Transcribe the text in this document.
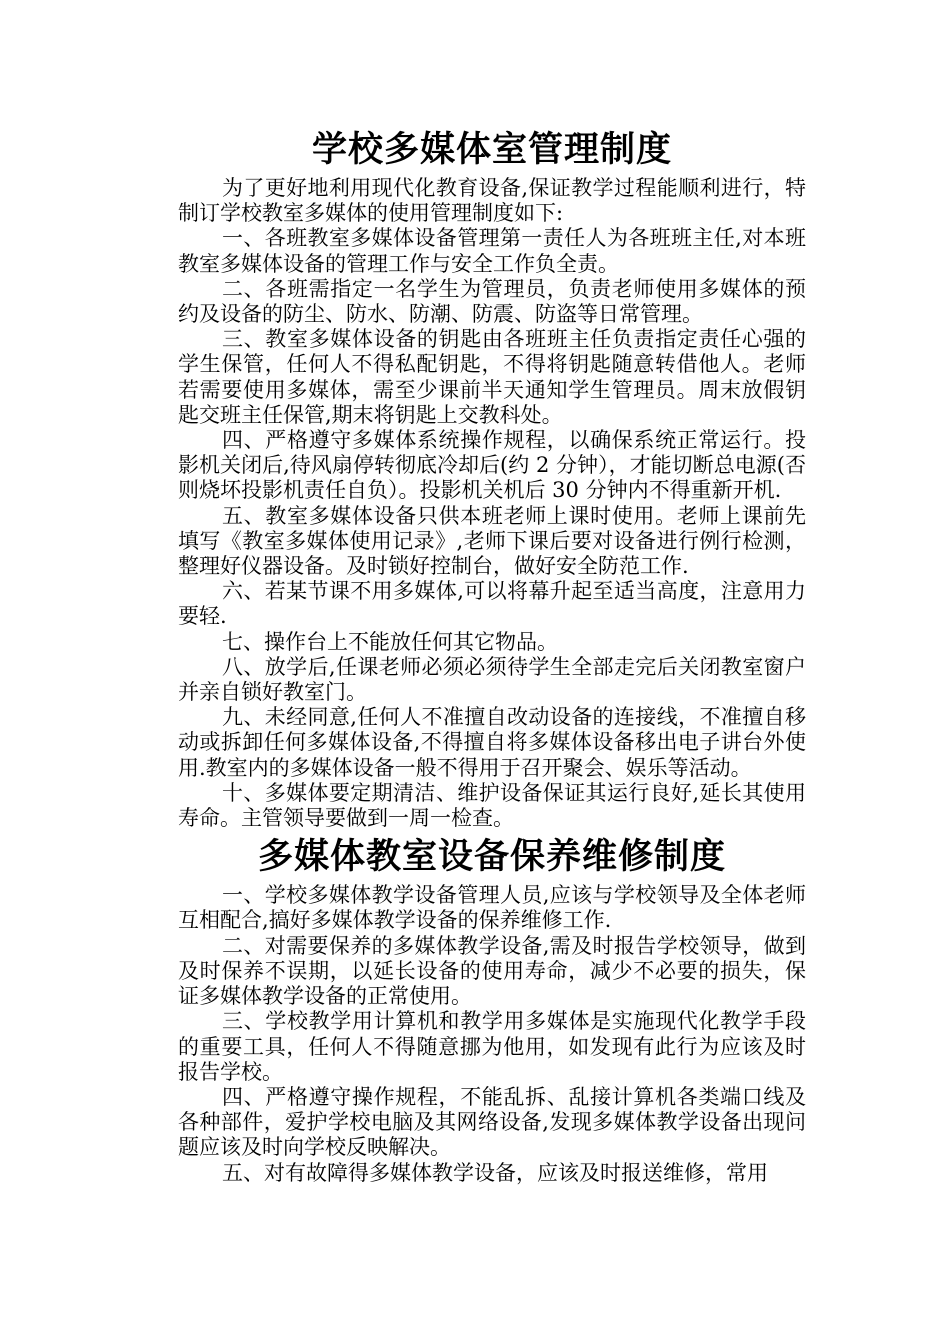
学校多媒体室管理制度

为了更好地利用现代化教育设备,保证教学过程能顺利进行，特制订学校教室多媒体的使用管理制度如下:

一、各班教室多媒体设备管理第一责任人为各班班主任,对本班教室多媒体设备的管理工作与安全工作负全责。

二、各班需指定一名学生为管理员，负责老师使用多媒体的预约及设备的防尘、防水、防潮、防震、防盗等日常管理。

三、教室多媒体设备的钥匙由各班班主任负责指定责任心强的学生保管，任何人不得私配钥匙，不得将钥匙随意转借他人。老师若需要使用多媒体，需至少课前半天通知学生管理员。周末放假钥匙交班主任保管,期末将钥匙上交教科处。

四、严格遵守多媒体系统操作规程，以确保系统正常运行。投影机关闭后,待风扇停转彻底冷却后(约 2 分钟），才能切断总电源(否则烧坏投影机责任自负）。投影机关机后 30 分钟内不得重新开机.

五、教室多媒体设备只供本班老师上课时使用。老师上课前先填写《教室多媒体使用记录》,老师下课后要对设备进行例行检测，整理好仪器设备。及时锁好控制台，做好安全防范工作.

六、若某节课不用多媒体,可以将幕升起至适当高度，注意用力要轻.

七、操作台上不能放任何其它物品。

八、放学后,任课老师必须必须待学生全部走完后关闭教室窗户并亲自锁好教室门。

九、未经同意,任何人不准擅自改动设备的连接线，不准擅自移动或拆卸任何多媒体设备,不得擅自将多媒体设备移出电子讲台外使用.教室内的多媒体设备一般不得用于召开聚会、娱乐等活动。

十、多媒体要定期清洁、维护设备保证其运行良好,延长其使用寿命。主管领导要做到一周一检查。

多媒体教室设备保养维修制度

一、学校多媒体教学设备管理人员,应该与学校领导及全体老师互相配合,搞好多媒体教学设备的保养维修工作.

二、对需要保养的多媒体教学设备,需及时报告学校领导，做到及时保养不误期，以延长设备的使用寿命，减少不必要的损失，保证多媒体教学设备的正常使用。

三、学校教学用计算机和教学用多媒体是实施现代化教学手段的重要工具，任何人不得随意挪为他用，如发现有此行为应该及时报告学校。

四、严格遵守操作规程，不能乱拆、乱接计算机各类端口线及各种部件，爱护学校电脑及其网络设备,发现多媒体教学设备出现问题应该及时向学校反映解决。

五、对有故障得多媒体教学设备，应该及时报送维修，常用
